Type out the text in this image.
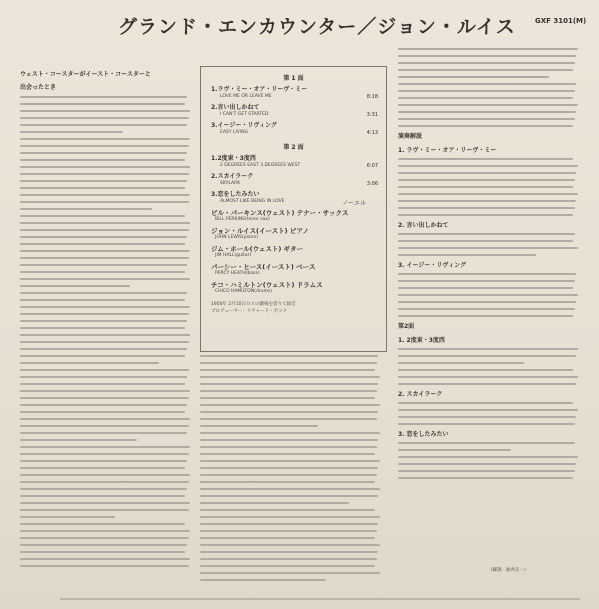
グランド・エンカウンター／ジョン・ルイス	GXF 3101(M)
ウェスト・コースターがイースト・コースターと
出会ったとき
第 1 面
1.ラヴ・ミー・オア・リーヴ・ミー
LOVE ME OR LEAVE ME	8:18
2.言い出しかねて
I CAN'T GET STARTED	3:31
3.イージー・リヴィング
EASY LIVING	4:13
第 2 面
1.2度東・3度西
2 DEGREES EAST 3 DEGREES WEST	6:07
2.スカイラーク
SKYLARK	3:06
3.恋をしたみたい
ALMOST LIKE BEING IN LOVE	ノーエル
ビル・パーキンス(ウェスト) テナー・サックス
BILL PERKINS(tenor sax)
ジョン・ルイス(イースト) ピアノ
JOHN LEWIS(piano)
ジム・ホール(ウェスト) ギター
JIM HALL(guitar)
パーシー・ヒース(イースト) ベース
PERCY HEATH(bass)
チコ・ハミルトン(ウェスト) ドラムス
CHICO HAMILTON(drums)
1956年 2月10日ロスの劇場を借りて録音
プロデューサー：リチャード・ボック
演奏解説
1. ラヴ・ミー・オア・リーヴ・ミー
2. 言い出しかねて
3. イージー・リヴィング
第2面
1. 2度東・3度西
2. スカイラーク
3. 恋をしたみたい
（解説：油井正一）
